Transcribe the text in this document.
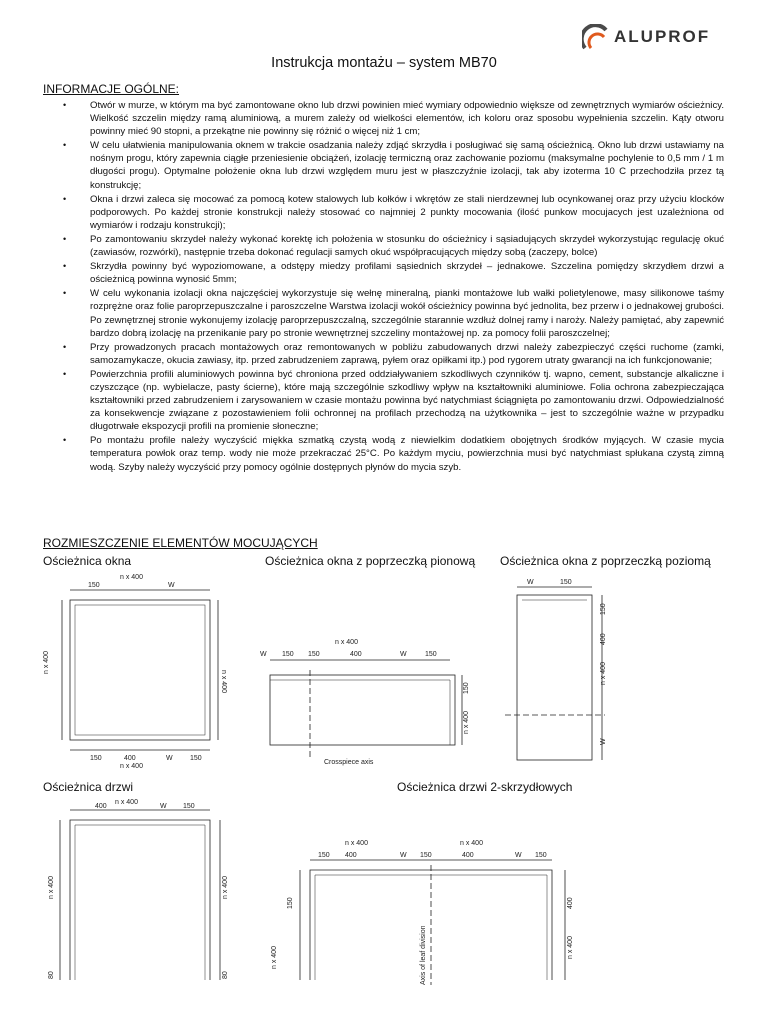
ALUPROF
Instrukcja montażu – system MB70
INFORMACJE OGÓLNE:
• Otwór w murze, w którym ma być zamontowane okno lub drzwi powinien mieć wymiary odpowiednio większe od zewnętrznych wymiarów ościeżnicy. Wielkość szczelin między ramą aluminiową, a murem zależy od wielkości elementów, ich koloru oraz sposobu wypełnienia szczelin. Kąty otworu powinny mieć 90 stopni, a przekątne nie powinny się różnić o więcej niż 1 cm;
• W celu ułatwienia manipulowania oknem w trakcie osadzania należy zdjąć skrzydła i posługiwać się samą ościeżnicą. Okno lub drzwi ustawiamy na nośnym progu, który zapewnia ciągłe przeniesienie obciążeń, izolację termiczną oraz zachowanie poziomu (maksymalne pochylenie to 0,5 mm / 1 m długości progu). Optymalne położenie okna lub drzwi względem muru jest w płaszczyźnie izolacji, tak aby izoterma 10 C przechodziła przez tą konstrukcję;
• Okna i drzwi zaleca się mocować za pomocą kotew stalowych lub kołków i wkrętów ze stali nierdzewnej lub ocynkowanej oraz przy użyciu klocków podporowych. Po każdej stronie konstrukcji należy stosować co najmniej 2 punkty mocowania (ilość punkow mocujacych jest uzależniona od wymiarów i rodzaju konstrukcji);
• Po zamontowaniu skrzydeł należy wykonać korektę ich położenia w stosunku do ościeżnicy i sąsiadujących skrzydeł wykorzystując regulację okuć (zawiasów, rozwórki), następnie trzeba dokonać regulacji samych okuć współpracujących między sobą (zaczepy, bolce)
• Skrzydła powinny być wypoziomowane, a odstępy miedzy profilami sąsiednich skrzydeł – jednakowe. Szczelina pomiędzy skrzydłem drzwi a ościeżnicą powinna wynosić 5mm;
• W celu wykonania izolacji okna najczęściej wykorzystuje się wełnę mineralną, pianki montażowe lub wałki polietylenowe, masy silikonowe taśmy rozprężne oraz folie paroprzepuszczalne i paroszczelne Warstwa izolacji wokół ościeżnicy powinna być jednolita, bez przerw i o jednakowej grubości. Po zewnętrznej stronie wykonujemy izolację paroprzepuszczalną, szczególnie starannie wzdłuż dolnej ramy i naroży. Należy pamiętać, aby zapewnić bardzo dobrą izolację na przenikanie pary po stronie wewnętrznej szczeliny montażowej np. za pomocy folii paroszczelnej;
• Przy prowadzonych pracach montażowych oraz remontowanych w pobliżu zabudowanych drzwi należy zabezpieczyć części ruchome (zamki, samozamykacze, okucia zawiasy, itp. przed zabrudzeniem zaprawą, pyłem oraz opiłkami itp.) pod rygorem utraty gwarancji na ich funkcjonowanie;
• Powierzchnia profili aluminiowych powinna być chroniona przed oddziaływaniem szkodliwych czynników tj. wapno, cement, substancje alkaliczne i czyszczące (np. wybielacze, pasty ścierne), które mają szczególnie szkodliwy wpływ na kształtowniki aluminiowe. Folia ochrona zabezpieczająca kształtowniki przed zabrudzeniem i zarysowaniem w czasie montażu powinna być natychmiast ściągnięta po zamontowaniu drzwi. Odpowiedzialność za konsekwencje związane z pozostawieniem folii ochronnej na profilach przechodzą na użytkownika – jest to szczególnie ważne w przypadku długotrwałe ekspozycji profili na promienie słoneczne;
• Po montażu profile należy wyczyścić miękka szmatką czystą wodą z niewielkim dodatkiem obojętnych środków myjących. W czasie mycia temperatura powłok oraz temp. wody nie może przekraczać 25°C. Po każdym myciu, powierzchnia musi być natychmiast spłukana czystą zimną wodą. Szyby należy wyczyścić przy pomocy ogólnie dostępnych płynów do mycia szyb.
ROZMIESZCZENIE ELEMENTÓW MOCUJĄCYCH
Ościeżnica okna	Ościeżnica okna z poprzeczką pionową Ościeżnica okna z poprzeczką poziomą
Ościeżnica drzwi	Ościeżnica drzwi 2-skrzydłowych
150
n x 400
W
150	400
n x 400
W 150
n x 400
n x 400
W 150 150
n x 400
400	W	150
Crosspiece axis
150
n x 400
W	150
150
400
n x 400
W
n x 400
400	W 150
n x 400
80
n x 400
80
150 400
n x 400
W 150	400
n x 400
W 150
150
n x 400
400
n x 400
Axis of leaf division
